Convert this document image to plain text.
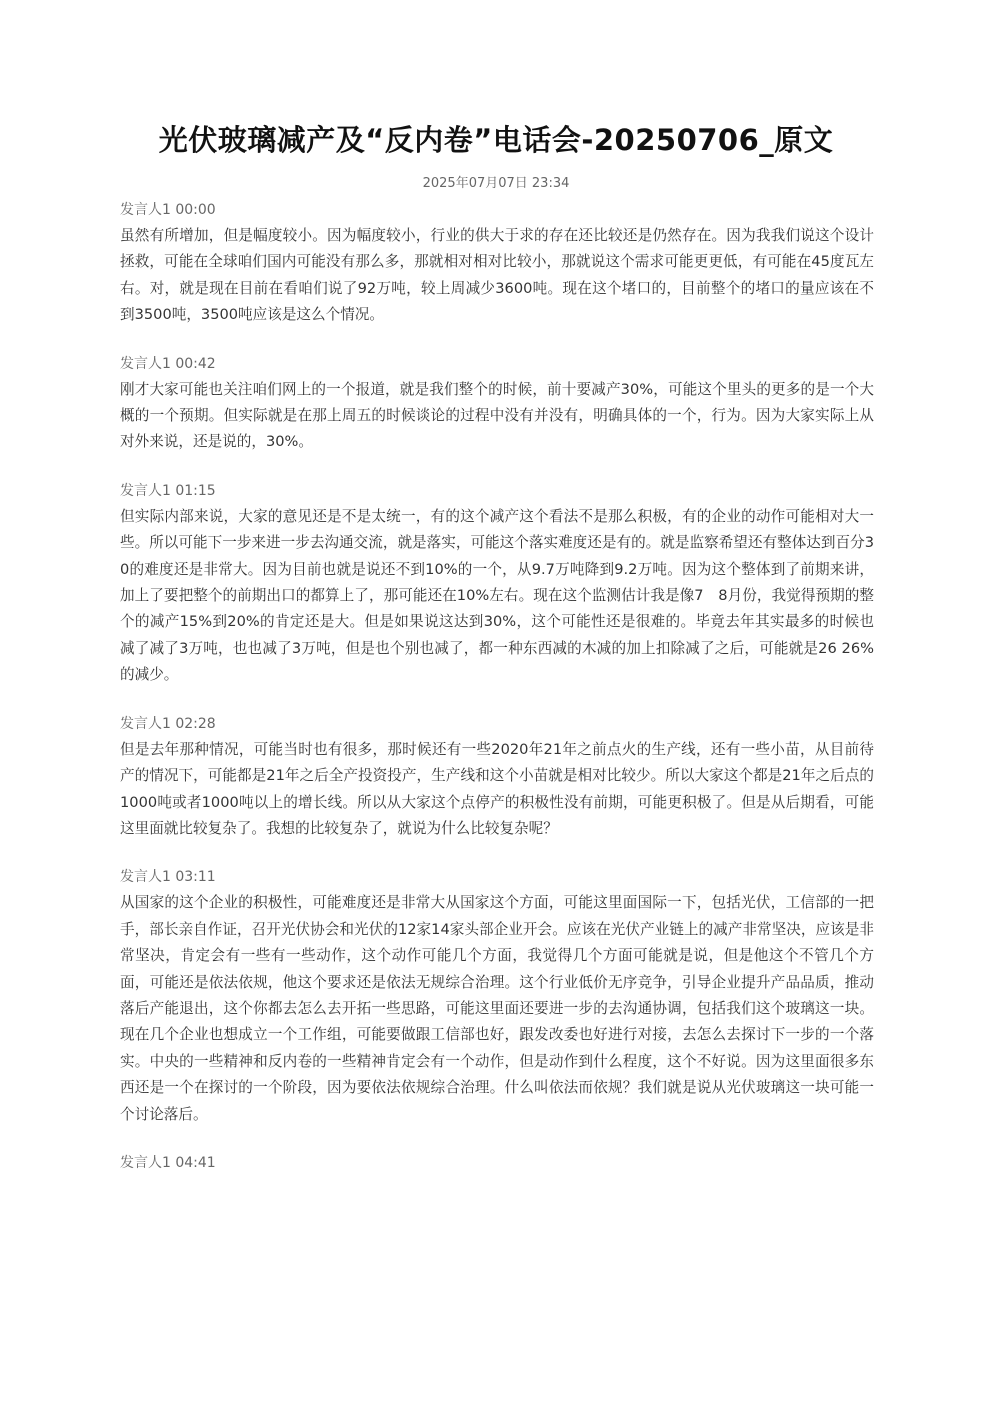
光伏玻璃减产及“反内卷”电话会-20250706_原文
2025年07月07日 23:34
发言人1 00:00

虽然有所增加，但是幅度较小。因为幅度较小，行业的供大于求的存在还比较还是仍然存在。因为我我们说这个设计拯救，可能在全球咱们国内可能没有那么多，那就相对相对比较小，那就说这个需求可能更更低，有可能在45度瓦左右。对，就是现在目前在看咱们说了92万吨，较上周减少3600吨。现在这个堵口的，目前整个的堵口的量应该在不到3500吨，3500吨应该是这么个情况。

发言人1 00:42

刚才大家可能也关注咱们网上的一个报道，就是我们整个的时候，前十要减产30%，可能这个里头的更多的是一个大概的一个预期。但实际就是在那上周五的时候谈论的过程中没有并没有，明确具体的一个，行为。因为大家实际上从对外来说，还是说的，30%。

发言人1 01:15

但实际内部来说，大家的意见还是不是太统一，有的这个减产这个看法不是那么积极，有的企业的动作可能相对大一些。所以可能下一步来进一步去沟通交流，就是落实，可能这个落实难度还是有的。就是监察希望还有整体达到百分30的难度还是非常大。因为目前也就是说还不到10%的一个，从9.7万吨降到9.2万吨。因为这个整体到了前期来讲，加上了要把整个的前期出口的都算上了，那可能还在10%左右。现在这个监测估计我是像7　8月份，我觉得预期的整个的减产15%到20%的肯定还是大。但是如果说这达到30%，这个可能性还是很难的。毕竟去年其实最多的时候也减了减了3万吨，也也减了3万吨，但是也个别也减了，都一种东西减的木减的加上扣除减了之后，可能就是26 26%的减少。

发言人1 02:28

但是去年那种情况，可能当时也有很多，那时候还有一些2020年21年之前点火的生产线，还有一些小苗，从目前待产的情况下，可能都是21年之后全产投资投产，生产线和这个小苗就是相对比较少。所以大家这个都是21年之后点的1000吨或者1000吨以上的增长线。所以从大家这个点停产的积极性没有前期，可能更积极了。但是从后期看，可能这里面就比较复杂了。我想的比较复杂了，就说为什么比较复杂呢？

发言人1 03:11

从国家的这个企业的积极性，可能难度还是非常大从国家这个方面，可能这里面国际一下，包括光伏，工信部的一把手，部长亲自作证，召开光伏协会和光伏的12家14家头部企业开会。应该在光伏产业链上的减产非常坚决，应该是非常坚决，肯定会有一些有一些动作，这个动作可能几个方面，我觉得几个方面可能就是说，但是他这个不管几个方面，可能还是依法依规，他这个要求还是依法无规综合治理。这个行业低价无序竞争，引导企业提升产品品质，推动落后产能退出，这个你都去怎么去开拓一些思路，可能这里面还要进一步的去沟通协调，包括我们这个玻璃这一块。现在几个企业也想成立一个工作组，可能要做跟工信部也好，跟发改委也好进行对接，去怎么去探讨下一步的一个落实。中央的一些精神和反内卷的一些精神肯定会有一个动作，但是动作到什么程度，这个不好说。因为这里面很多东西还是一个在探讨的一个阶段，因为要依法依规综合治理。什么叫依法而依规？我们就是说从光伏玻璃这一块可能一个讨论落后。

发言人1 04:41
